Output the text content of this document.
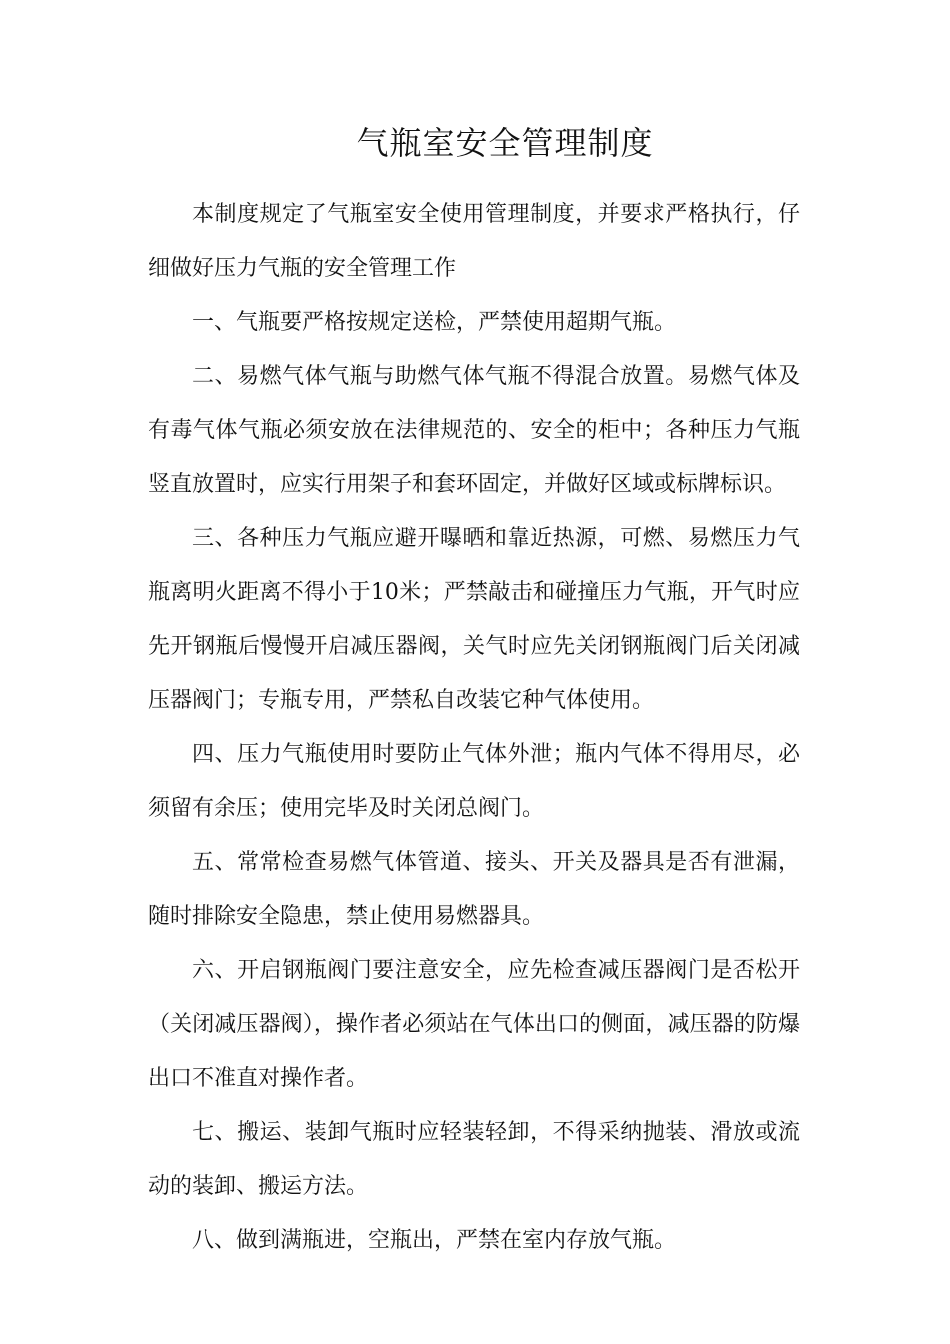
气瓶室安全管理制度

本制度规定了气瓶室安全使用管理制度，并要求严格执行，仔细做好压力气瓶的安全管理工作

一、气瓶要严格按规定送检，严禁使用超期气瓶。

二、易燃气体气瓶与助燃气体气瓶不得混合放置。易燃气体及有毒气体气瓶必须安放在法律规范的、安全的柜中；各种压力气瓶竖直放置时，应实行用架子和套环固定，并做好区域或标牌标识。

三、各种压力气瓶应避开曝晒和靠近热源，可燃、易燃压力气瓶离明火距离不得小于10米；严禁敲击和碰撞压力气瓶，开气时应先开钢瓶后慢慢开启减压器阀，关气时应先关闭钢瓶阀门后关闭减压器阀门；专瓶专用，严禁私自改装它种气体使用。

四、压力气瓶使用时要防止气体外泄；瓶内气体不得用尽，必须留有余压；使用完毕及时关闭总阀门。

五、常常检查易燃气体管道、接头、开关及器具是否有泄漏，随时排除安全隐患，禁止使用易燃器具。

六、开启钢瓶阀门要注意安全，应先检查减压器阀门是否松开（关闭减压器阀），操作者必须站在气体出口的侧面，减压器的防爆出口不准直对操作者。

七、搬运、装卸气瓶时应轻装轻卸，不得采纳抛装、滑放或流动的装卸、搬运方法。

八、做到满瓶进，空瓶出，严禁在室内存放气瓶。
